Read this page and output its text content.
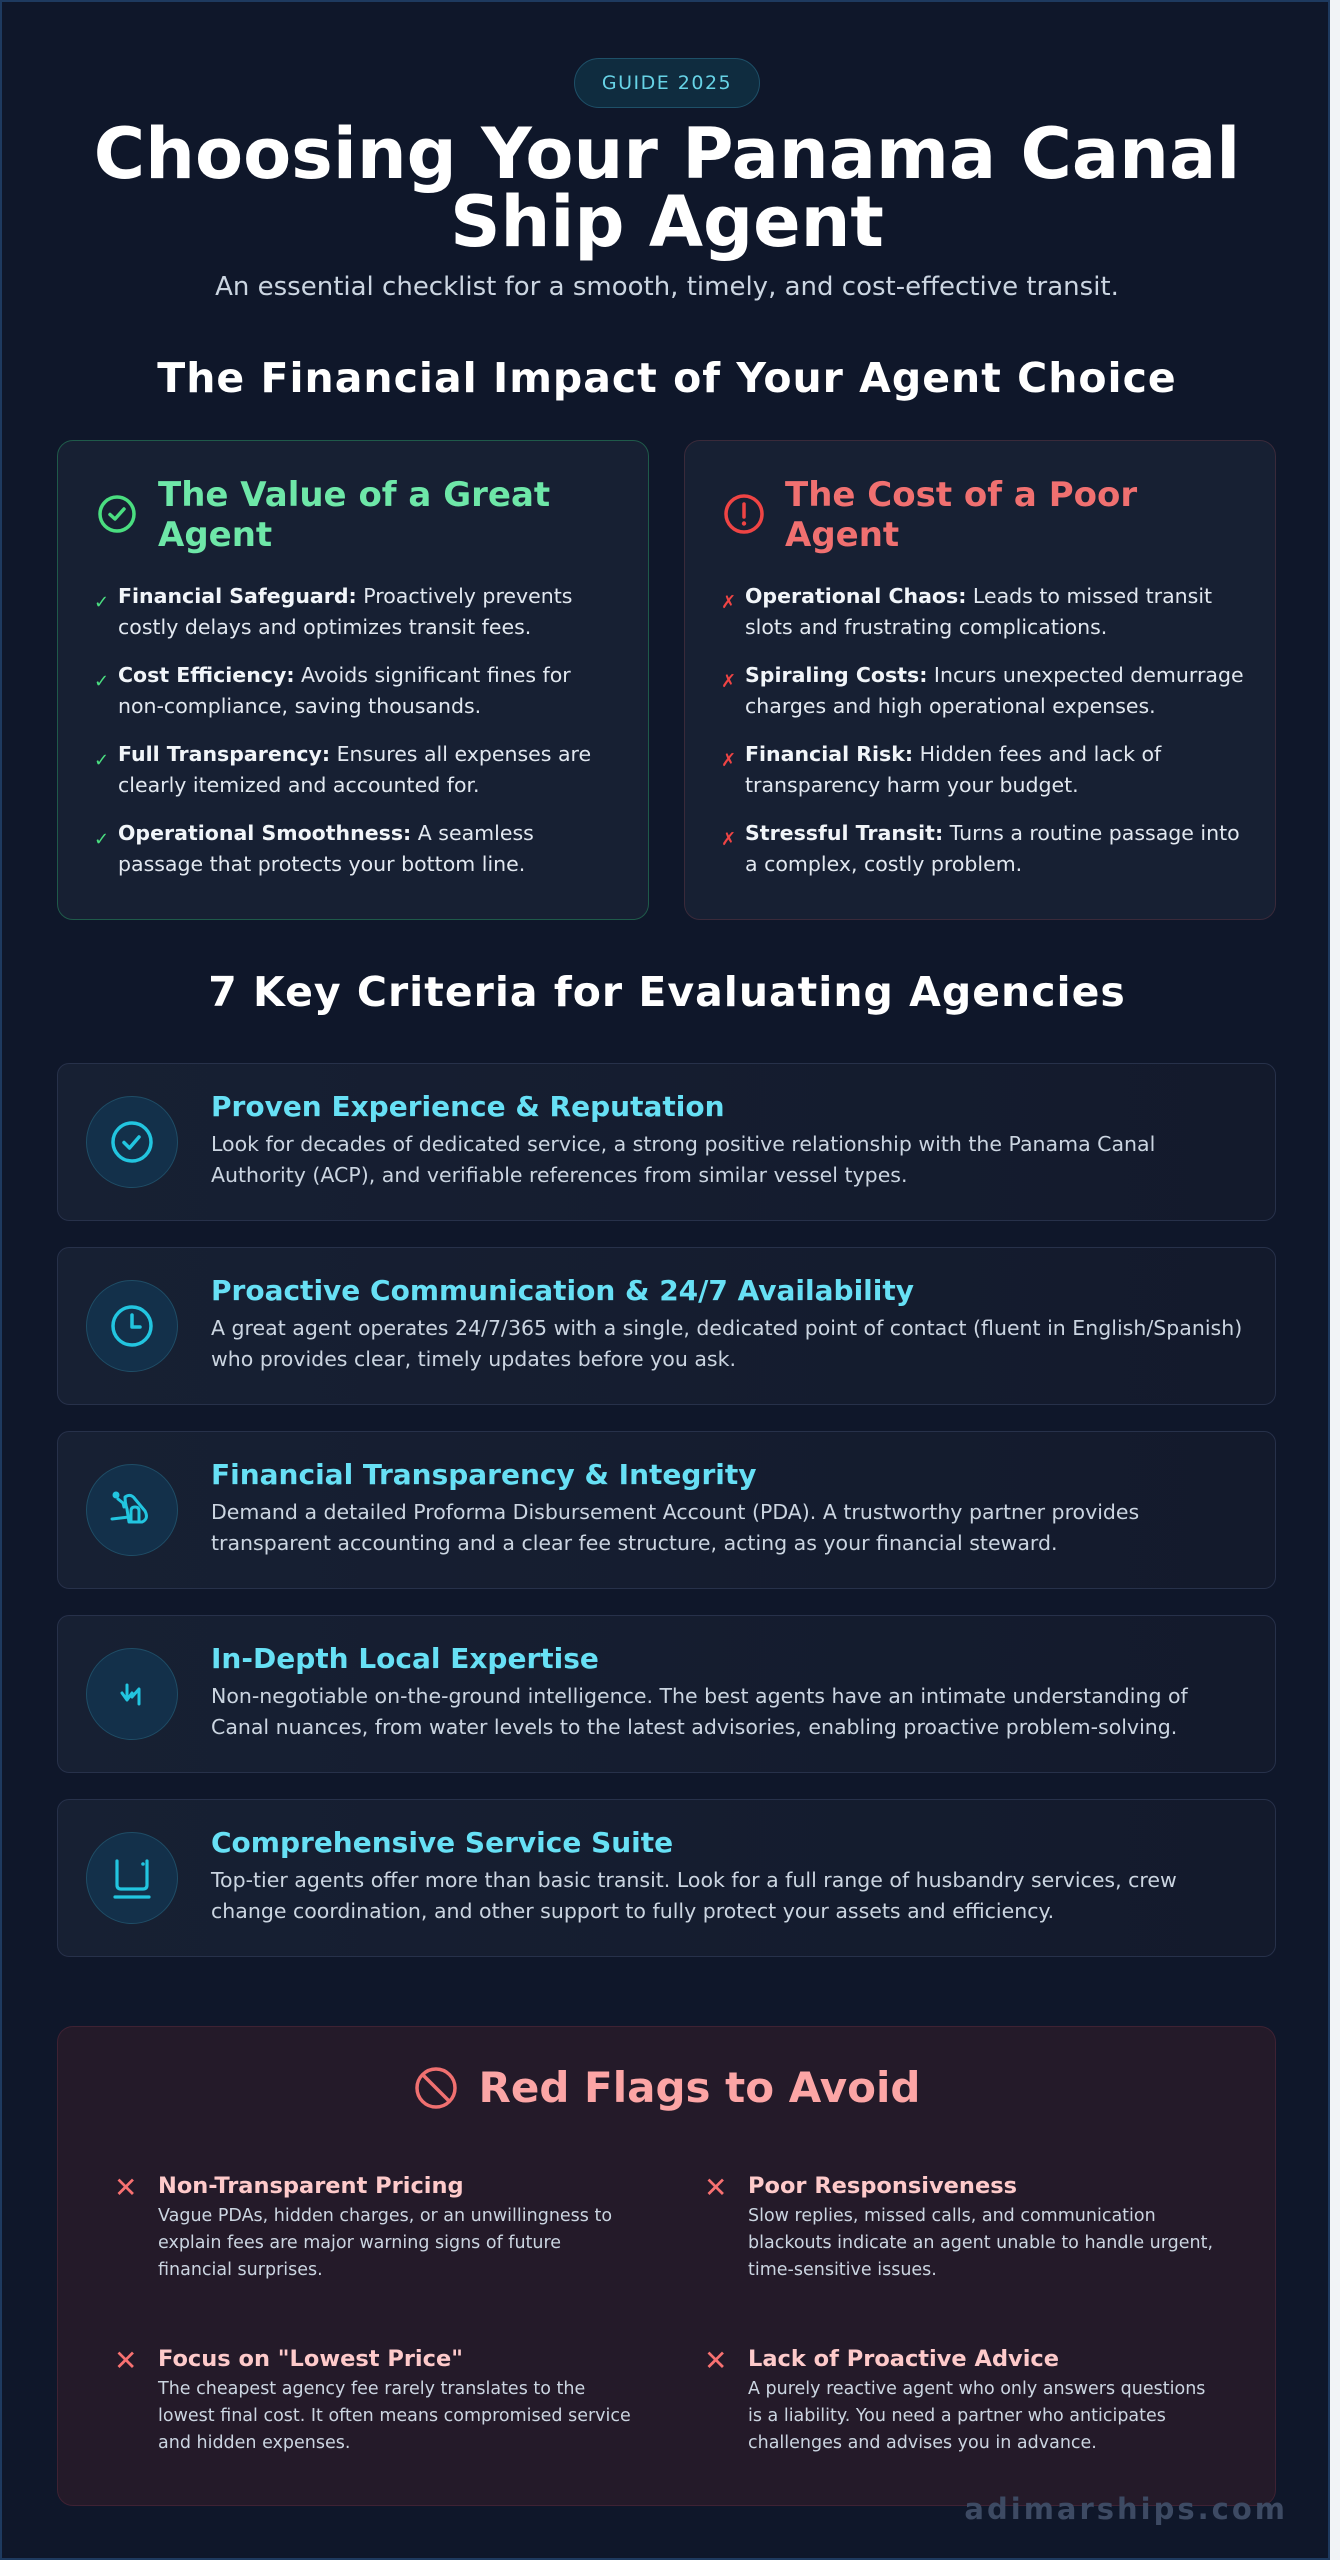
GUIDE 2025
Choosing Your Panama Canal
Ship Agent
An essential checklist for a smooth, timely, and cost-effective transit.
The Financial Impact of Your Agent Choice
The Value of a Great Agent
✓ Financial Safeguard: Proactively prevents costly delays and optimizes transit fees.
✓ Cost Efficiency: Avoids significant fines for non-compliance, saving thousands.
✓ Full Transparency: Ensures all expenses are clearly itemized and accounted for.
✓ Operational Smoothness: A seamless passage that protects your bottom line.
The Cost of a Poor Agent
✗ Operational Chaos: Leads to missed transit slots and frustrating complications.
✗ Spiraling Costs: Incurs unexpected demurrage charges and high operational expenses.
✗ Financial Risk: Hidden fees and lack of transparency harm your budget.
✗ Stressful Transit: Turns a routine passage into a complex, costly problem.
7 Key Criteria for Evaluating Agencies
Proven Experience & Reputation

Look for decades of dedicated service, a strong positive relationship with the Panama Canal Authority (ACP), and verifiable references from similar vessel types.

Proactive Communication & 24/7 Availability

A great agent operates 24/7/365 with a single, dedicated point of contact (fluent in English/Spanish) who provides clear, timely updates before you ask.

Financial Transparency & Integrity

Demand a detailed Proforma Disbursement Account (PDA). A trustworthy partner provides transparent accounting and a clear fee structure, acting as your financial steward.

In-Depth Local Expertise

Non-negotiable on-the-ground intelligence. The best agents have an intimate understanding of Canal nuances, from water levels to the latest advisories, enabling proactive problem-solving.

Comprehensive Service Suite

Top-tier agents offer more than basic transit. Look for a full range of husbandry services, crew change coordination, and other support to fully protect your assets and efficiency.

Red Flags to Avoid
✕ Non-Transparent Pricing

Vague PDAs, hidden charges, or an unwillingness to explain fees are major warning signs of future financial surprises.

✕ Poor Responsiveness

Slow replies, missed calls, and communication blackouts indicate an agent unable to handle urgent, time-sensitive issues.

✕ Focus on "Lowest Price"

The cheapest agency fee rarely translates to the lowest final cost. It often means compromised service and hidden expenses.

✕ Lack of Proactive Advice

A purely reactive agent who only answers questions is a liability. You need a partner who anticipates challenges and advises you in advance.

adimarships.com
